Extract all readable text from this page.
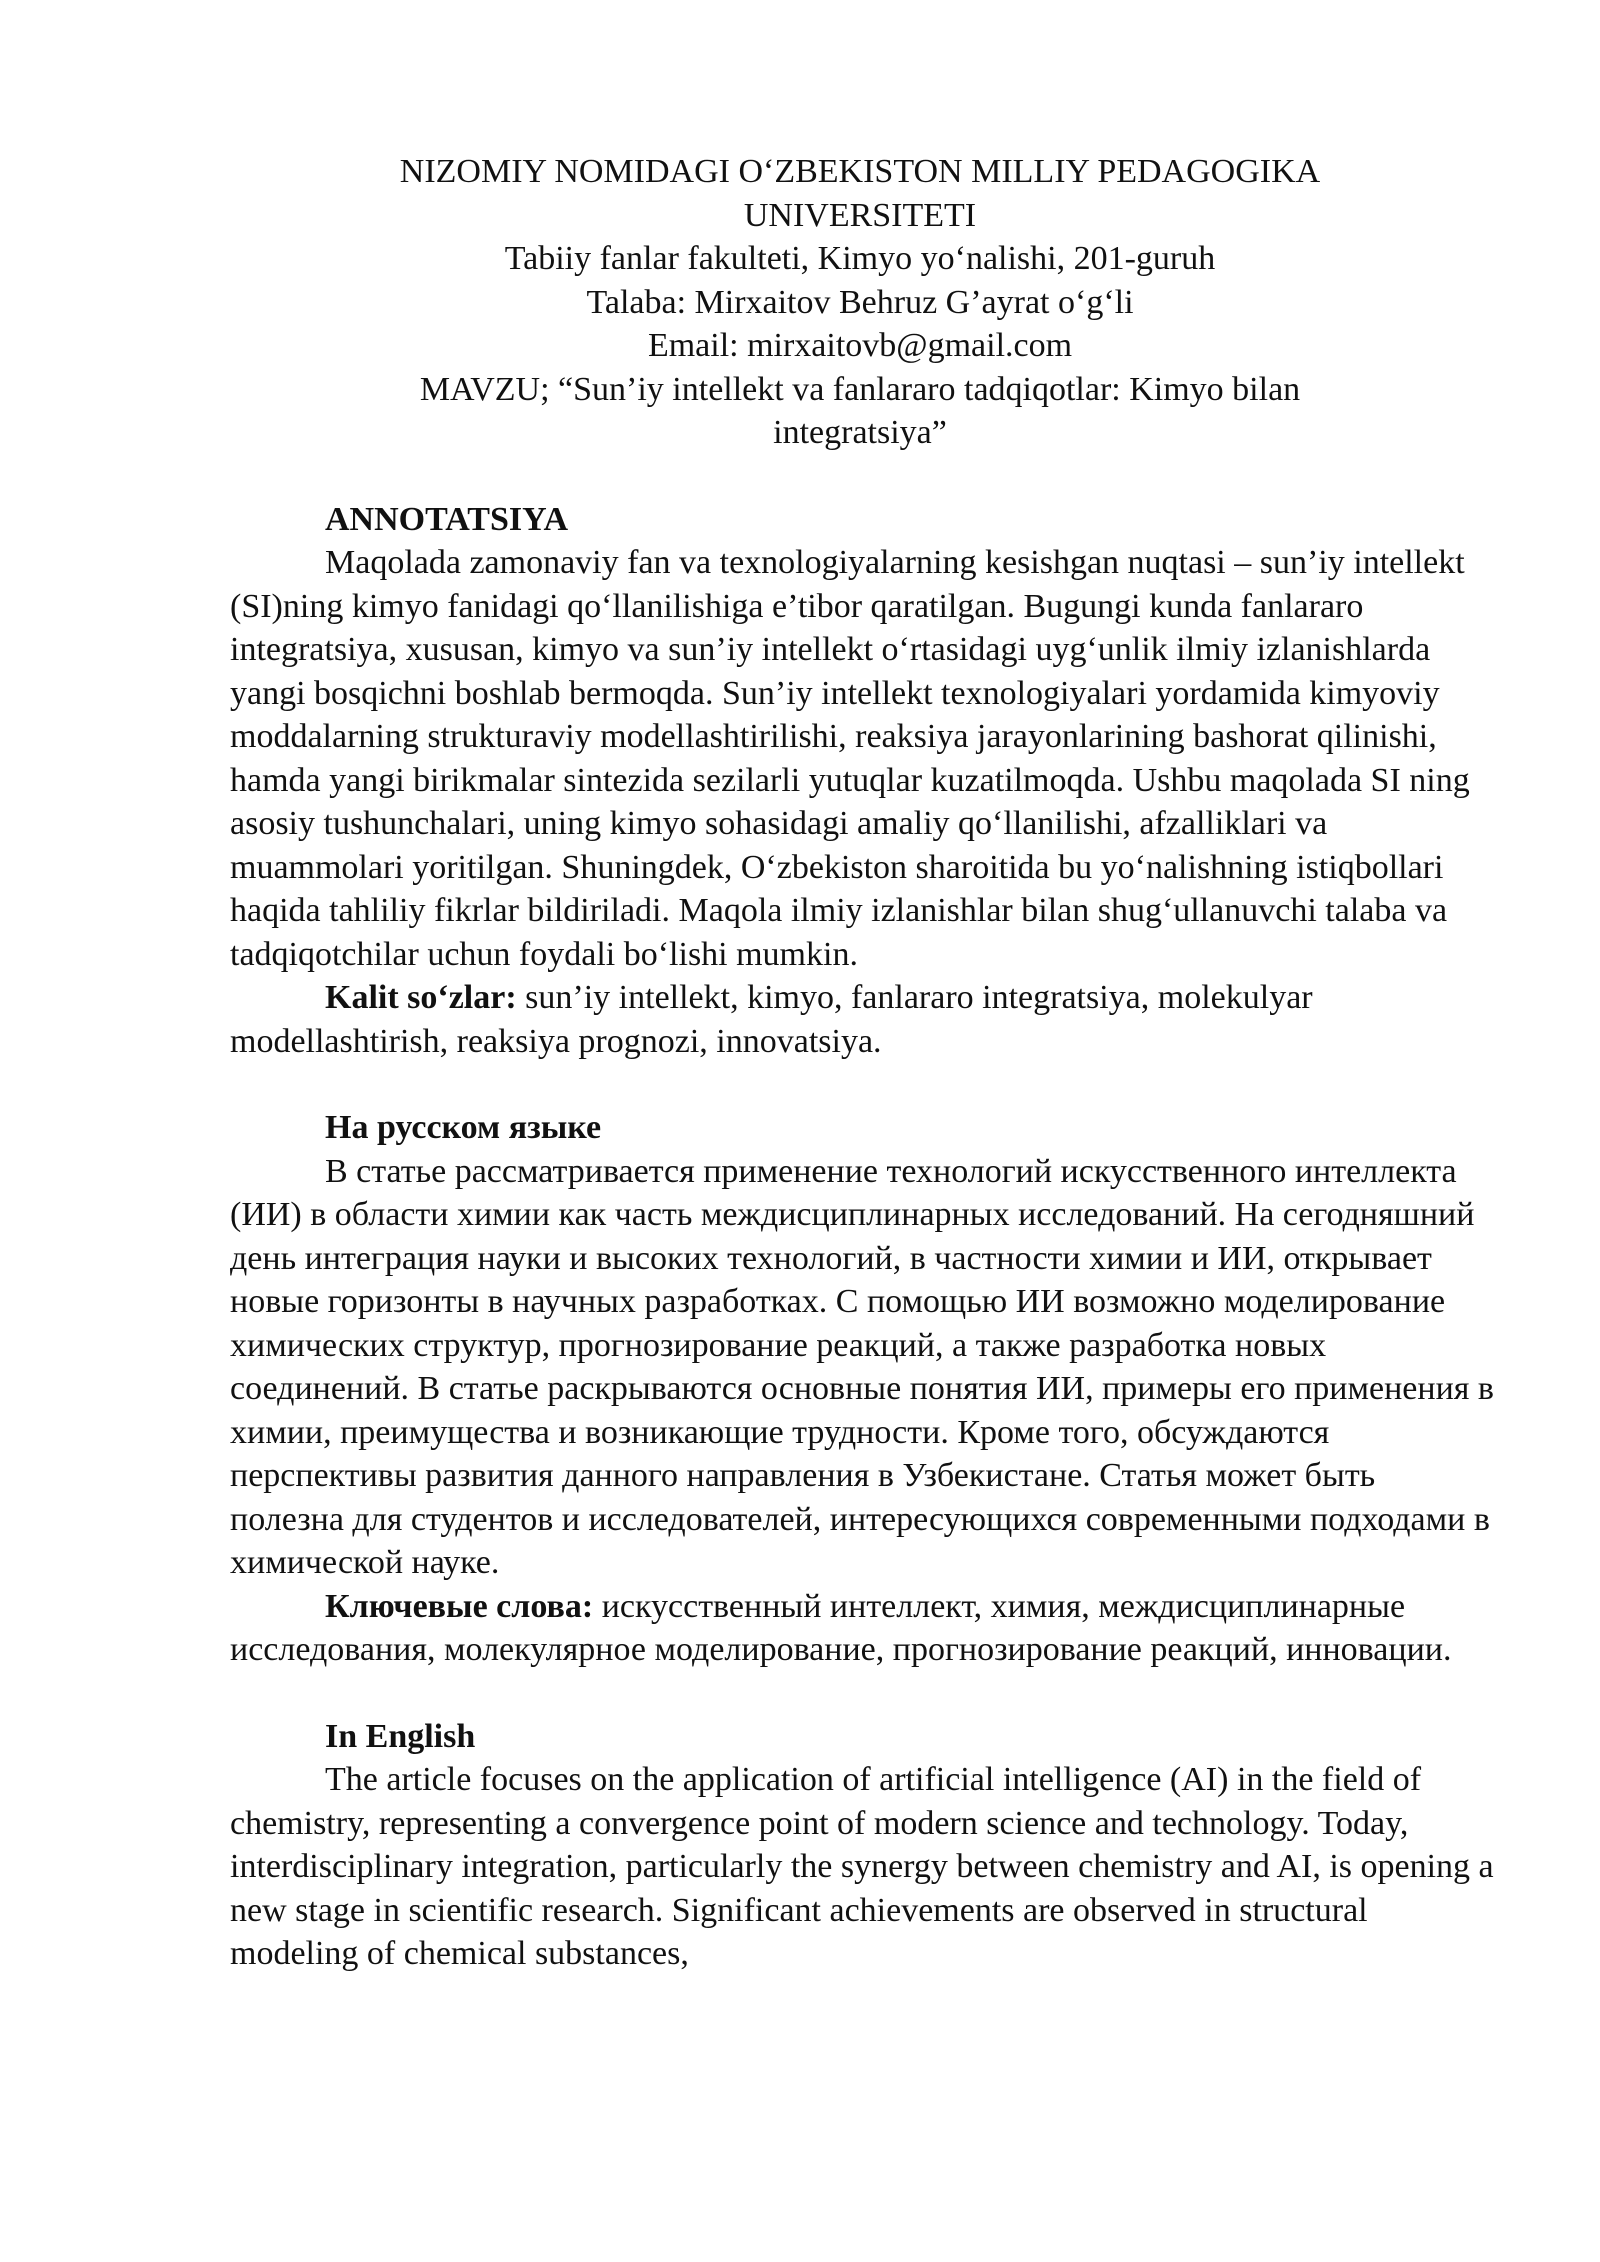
NIZOMIY NOMIDAGI O‘ZBEKISTON MILLIY PEDAGOGIKA
UNIVERSITETI
Tabiiy fanlar fakulteti, Kimyo yo‘nalishi, 201-guruh
Talaba: Mirxaitov Behruz G’ayrat o‘g‘li
Email: mirxaitovb@gmail.com
MAVZU; “Sun’iy intellekt va fanlararo tadqiqotlar: Kimyo bilan
integratsiya”
ANNOTATSIYA

Maqolada zamonaviy fan va texnologiyalarning kesishgan nuqtasi – sun’iy intellekt (SI)ning kimyo fanidagi qo‘llanilishiga e’tibor qaratilgan. Bugungi kunda fanlararo integratsiya, xususan, kimyo va sun’iy intellekt o‘rtasidagi uyg‘unlik ilmiy izlanishlarda yangi bosqichni boshlab bermoqda. Sun’iy intellekt texnologiyalari yordamida kimyoviy moddalarning strukturaviy modellashtirilishi, reaksiya jarayonlarining bashorat qilinishi, hamda yangi birikmalar sintezida sezilarli yutuqlar kuzatilmoqda. Ushbu maqolada SI ning asosiy tushunchalari, uning kimyo sohasidagi amaliy qo‘llanilishi, afzalliklari va muammolari yoritilgan. Shuningdek, O‘zbekiston sharoitida bu yo‘nalishning istiqbollari haqida tahliliy fikrlar bildiriladi. Maqola ilmiy izlanishlar bilan shug‘ullanuvchi talaba va tadqiqotchilar uchun foydali bo‘lishi mumkin.

Kalit so‘zlar: sun’iy intellekt, kimyo, fanlararo integratsiya, molekulyar modellashtirish, reaksiya prognozi, innovatsiya.

На русском языке

В статье рассматривается применение технологий искусственного интеллекта (ИИ) в области химии как часть междисциплинарных исследований. На сегодняшний день интеграция науки и высоких технологий, в частности химии и ИИ, открывает новые горизонты в научных разработках. С помощью ИИ возможно моделирование химических структур, прогнозирование реакций, а также разработка новых соединений. В статье раскрываются основные понятия ИИ, примеры его применения в химии, преимущества и возникающие трудности. Кроме того, обсуждаются перспективы развития данного направления в Узбекистане. Статья может быть полезна для студентов и исследователей, интересующихся современными подходами в химической науке.

Ключевые слова: искусственный интеллект, химия, междисциплинарные исследования, молекулярное моделирование, прогнозирование реакций, инновации.

In English

The article focuses on the application of artificial intelligence (AI) in the field of chemistry, representing a convergence point of modern science and technology. Today, interdisciplinary integration, particularly the synergy between chemistry and AI, is opening a new stage in scientific research. Significant achievements are observed in structural modeling of chemical substances,
